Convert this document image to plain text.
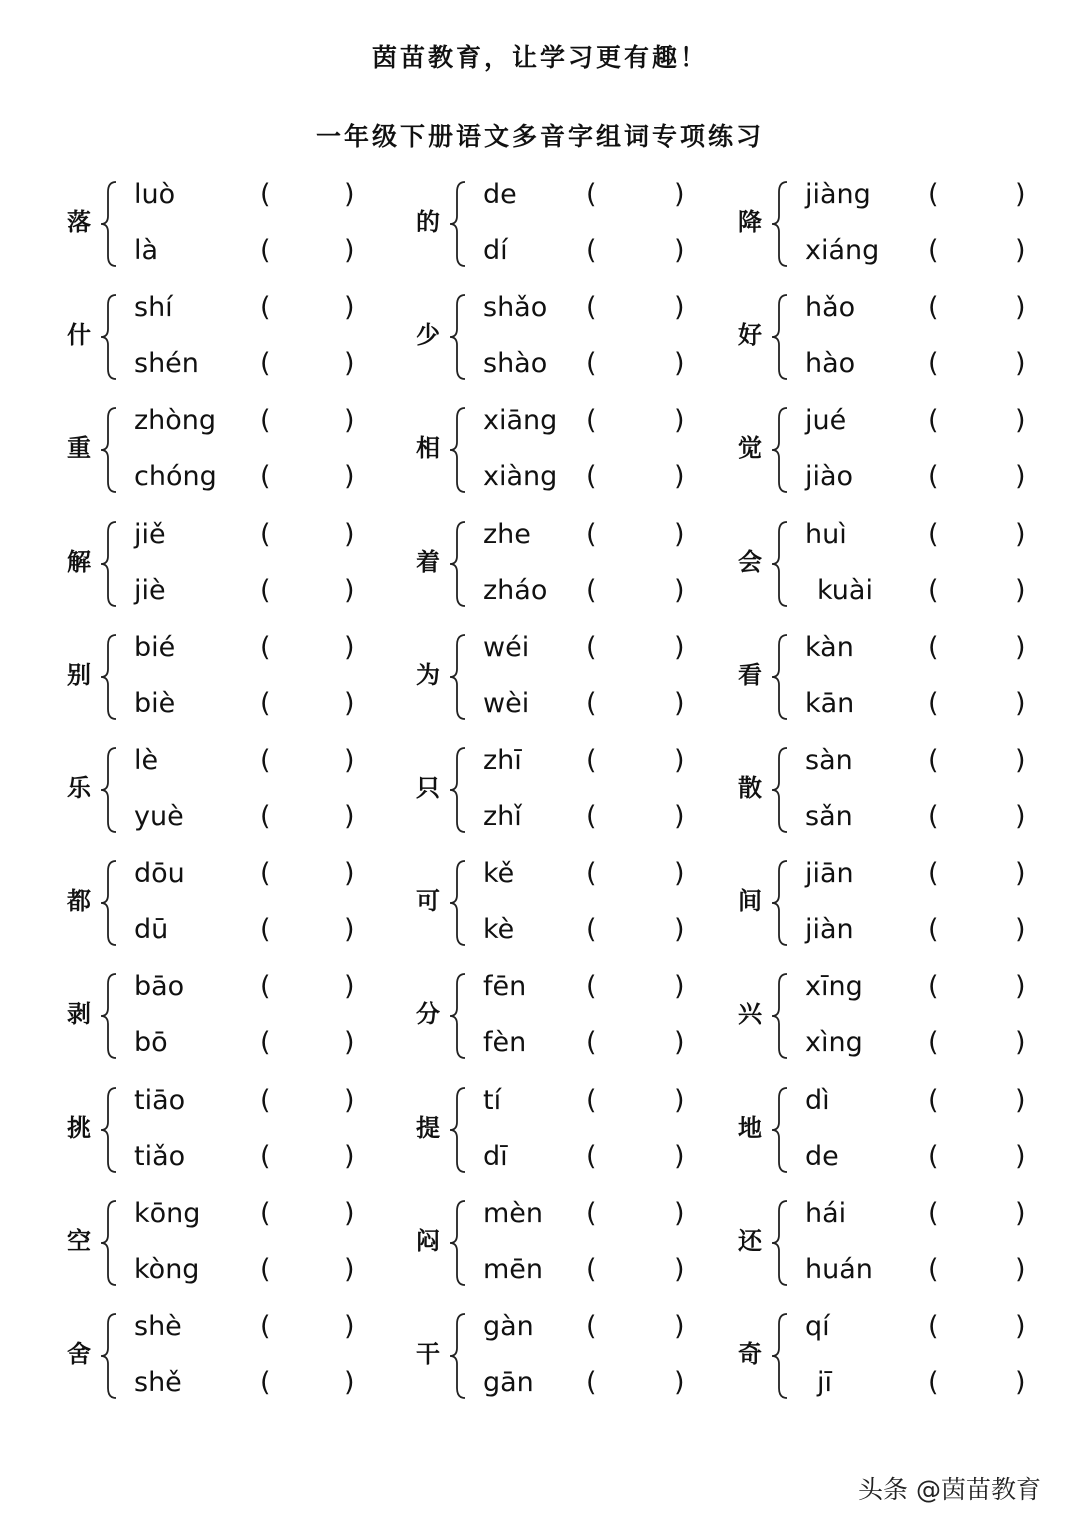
茵苗教育，让学习更有趣！
一年级下册语文多音字组词专项练习
落
luò	(	)
là	(	)
什
shí	(	)
shén (	)
重
zhòng (	)
chóng (	)
解
jiě	(	)
jiè	(	)
别
bié	(	)
biè	(	)
乐
lè	(	)
yuè	(	)
都
dōu	(	)
dū	(	)
剥
bāo	(	)
bō	(	)
挑
tiāo	(	)
tiǎo	(	)
空
kōng (	)
kòng (	)
舍
shè	(	)
shě	(	)
的
de	(	)
dí	(	)
少
shǎo (	)
shào (	)
相
xiāng (	)
xiàng (	)
着
zhe (	)
zháo (	)
为
wéi (	)
wèi (	)
只
zhī (	)
zhǐ (	)
可
kě	(	)
kè	(	)
分
fēn (	)
fèn (	)
提
tí	(	)
dī	(	)
闷
mèn (	)
mēn (	)
干
gàn (	)
gān (	)
降
jiàng (	)
xiáng (	)
好
hǎo	(	)
hào	(	)
觉
jué	(	)
jiào	(	)
会
huì	(	)
kuài (	)
看
kàn	(	)
kān	(	)
散
sàn	(	)
sǎn	(	)
间
jiān	(	)
jiàn	(	)
兴
xīng (	)
xìng (	)
地
dì	(	)
de	(	)
还
hái	(	)
huán (	)
奇
qí	(	)
jī	(	)
头条 @茵苗教育
